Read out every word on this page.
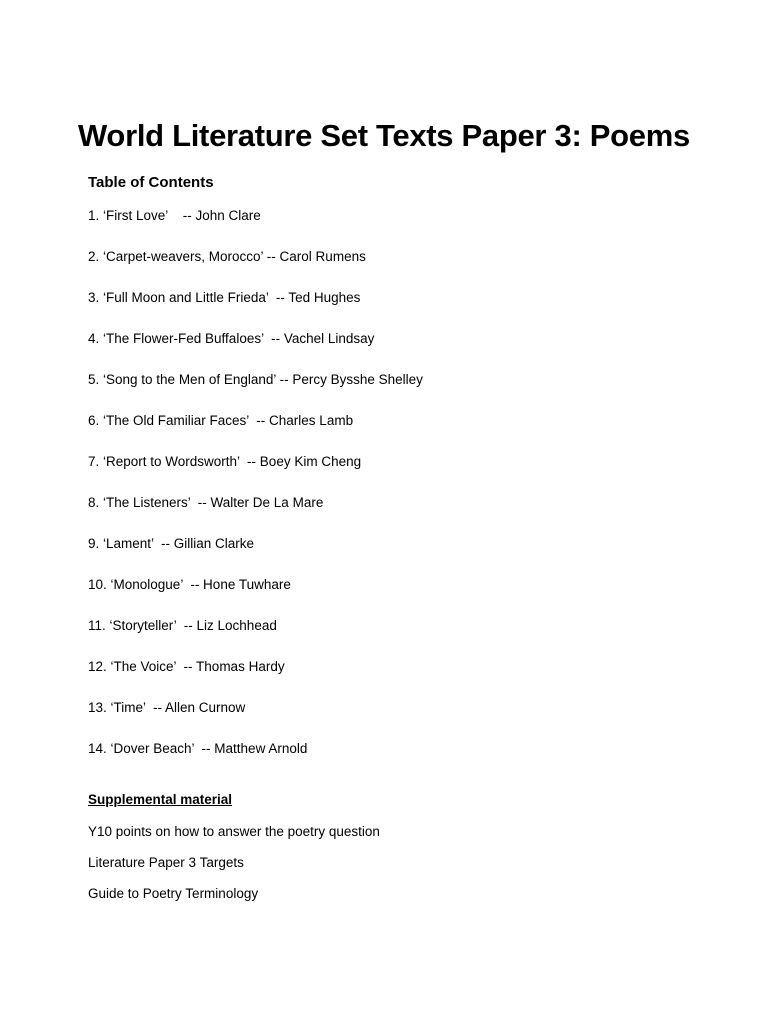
World Literature Set Texts Paper 3: Poems
Table of Contents
1. ‘First Love’    -- John Clare
2. ‘Carpet-weavers, Morocco’ -- Carol Rumens
3. ‘Full Moon and Little Frieda’  -- Ted Hughes
4. ‘The Flower-Fed Buffaloes’  -- Vachel Lindsay
5. ‘Song to the Men of England’ -- Percy Bysshe Shelley
6. ‘The Old Familiar Faces’  -- Charles Lamb
7. ‘Report to Wordsworth’  -- Boey Kim Cheng
8. ‘The Listeners’  -- Walter De La Mare
9. ‘Lament’  -- Gillian Clarke
10. ‘Monologue’  -- Hone Tuwhare
11. ‘Storyteller’  -- Liz Lochhead
12. ‘The Voice’  -- Thomas Hardy
13. ‘Time’  -- Allen Curnow
14. ‘Dover Beach’  -- Matthew Arnold
Supplemental material
Y10 points on how to answer the poetry question
Literature Paper 3 Targets
Guide to Poetry Terminology
